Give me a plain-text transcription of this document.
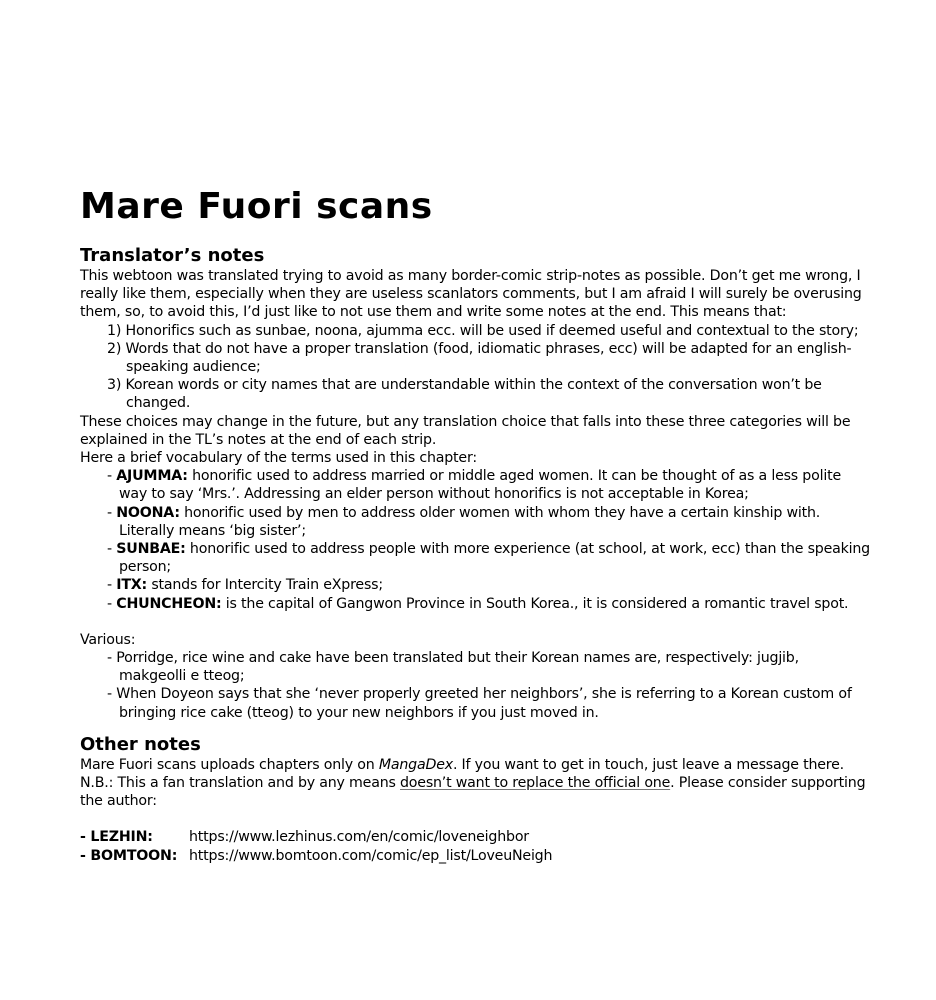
Mare Fuori scans
Translator’s notes

This webtoon was translated trying to avoid as many border-comic strip-notes as possible. Don’t get me wrong, I really like them, especially when they are useless scanlators comments, but I am afraid I will surely be overusing them, so, to avoid this, I’d just like to not use them and write some notes at the end. This means that:

1) Honorifics such as sunbae, noona, ajumma ecc. will be used if deemed useful and contextual to the story;
2) Words that do not have a proper translation (food, idiomatic phrases, ecc) will be adapted for an english-speaking audience;
3) Korean words or city names that are understandable within the context of the conversation won’t be changed.

These choices may change in the future, but any translation choice that falls into these three categories will be explained in the TL’s notes at the end of each strip.

Here a brief vocabulary of the terms used in this chapter:

- AJUMMA: honorific used to address married or middle aged women. It can be thought of as a less polite way to say ‘Mrs.’. Addressing an elder person without honorifics is not acceptable in Korea;
- NOONA: honorific used by men to address older women with whom they have a certain kinship with. Literally means ‘big sister’;
- SUNBAE: honorific used to address people with more experience (at school, at work, ecc) than the speaking person;
- ITX: stands for Intercity Train eXpress;
- CHUNCHEON: is the capital of Gangwon Province in South Korea., it is considered a romantic travel spot.

Various:

- Porridge, rice wine and cake have been translated but their Korean names are, respectively: jugjib, makgeolli e tteog;
- When Doyeon says that she ‘never properly greeted her neighbors’, she is referring to a Korean custom of bringing rice cake (tteog) to your new neighbors if you just moved in.
Other notes

Mare Fuori scans uploads chapters only on MangaDex. If you want to get in touch, just leave a message there.

N.B.: This a fan translation and by any means doesn’t want to replace the official one. Please consider supporting the author:

- LEZHIN:	https://www.lezhinus.com/en/comic/loveneighbor
- BOMTOON: https://www.bomtoon.com/comic/ep_list/LoveuNeigh
